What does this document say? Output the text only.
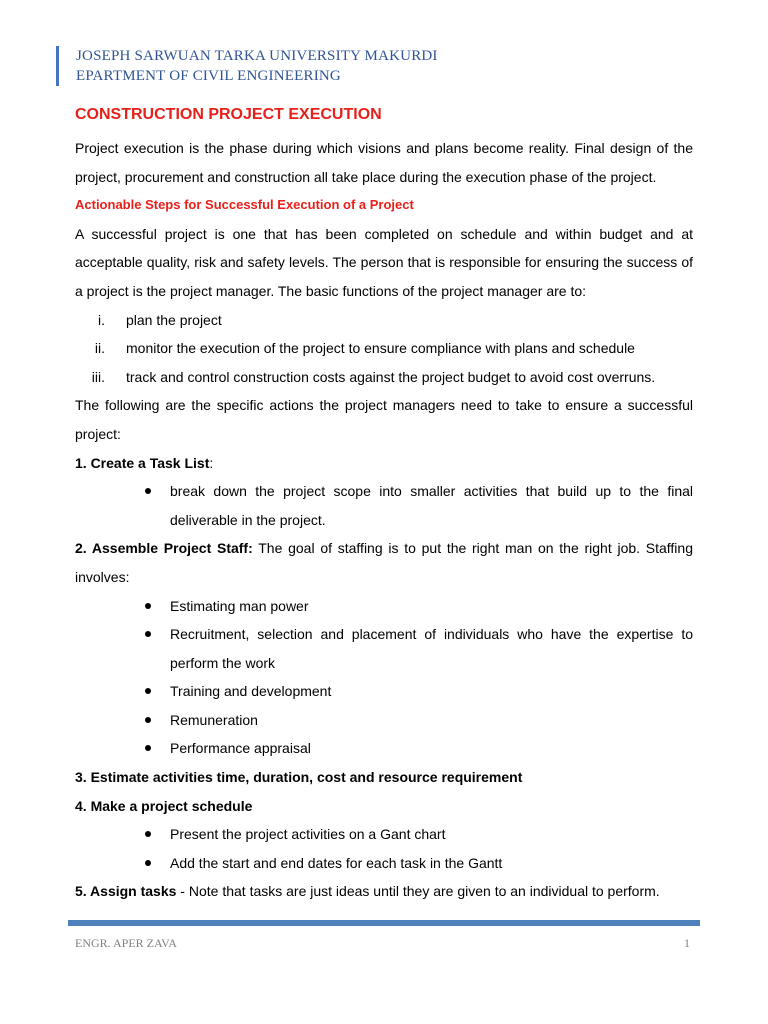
JOSEPH SARWUAN TARKA UNIVERSITY MAKURDI
EPARTMENT OF CIVIL ENGINEERING
CONSTRUCTION PROJECT EXECUTION

Project execution is the phase during which visions and plans become reality. Final design of the project, procurement and construction all take place during the execution phase of the project.

Actionable Steps for Successful Execution of a Project

A successful project is one that has been completed on schedule and within budget and at acceptable quality, risk and safety levels. The person that is responsible for ensuring the success of a project is the project manager. The basic functions of the project manager are to:

i. plan the project
ii. monitor the execution of the project to ensure compliance with plans and schedule
iii. track and control construction costs against the project budget to avoid cost overruns.

The following are the specific actions the project managers need to take to ensure a successful project:

1. Create a Task List:

break down the project scope into smaller activities that build up to the final deliverable in the project.

2. Assemble Project Staff: The goal of staffing is to put the right man on the right job. Staffing involves:

Estimating man power
Recruitment, selection and placement of individuals who have the expertise to perform the work
Training and development
Remuneration
Performance appraisal

3. Estimate activities time, duration, cost and resource requirement

4. Make a project schedule

Present the project activities on a Gant chart
Add the start and end dates for each task in the Gantt

5. Assign tasks - Note that tasks are just ideas until they are given to an individual to perform.

ENGR. APER ZAVA	1
